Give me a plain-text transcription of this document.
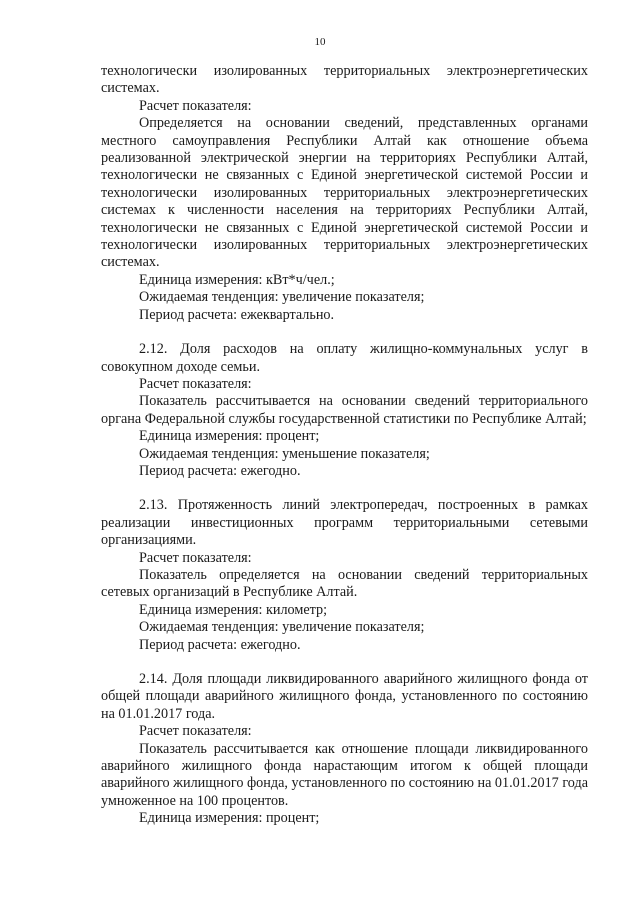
10

технологически изолированных территориальных электроэнергетических системах.

Расчет показателя:

Определяется на основании сведений, представленных органами местного самоуправления Республики Алтай как отношение объема реализованной электрической энергии на территориях Республики Алтай, технологически не связанных с Единой энергетической системой России и технологически изолированных территориальных электроэнергетических системах к численности населения на территориях Республики Алтай, технологически не связанных с Единой энергетической системой России и технологически изолированных территориальных электроэнергетических системах.

Единица измерения: кВт*ч/чел.;

Ожидаемая тенденция: увеличение показателя;

Период расчета: ежеквартально.

2.12. Доля расходов на оплату жилищно-коммунальных услуг в совокупном доходе семьи.

Расчет показателя:

Показатель рассчитывается на основании сведений территориального органа Федеральной службы государственной статистики по Республике Алтай;

Единица измерения: процент;

Ожидаемая тенденция: уменьшение показателя;

Период расчета: ежегодно.

2.13. Протяженность линий электропередач, построенных в рамках реализации инвестиционных программ территориальными сетевыми организациями.

Расчет показателя:

Показатель определяется на основании сведений территориальных сетевых организаций в Республике Алтай.

Единица измерения: километр;

Ожидаемая тенденция: увеличение показателя;

Период расчета: ежегодно.

2.14. Доля площади ликвидированного аварийного жилищного фонда от общей площади аварийного жилищного фонда, установленного по состоянию на 01.01.2017 года.

Расчет показателя:

Показатель рассчитывается как отношение площади ликвидированного аварийного жилищного фонда нарастающим итогом к общей площади аварийного жилищного фонда, установленного по состоянию на 01.01.2017 года умноженное на 100 процентов.

Единица измерения: процент;
